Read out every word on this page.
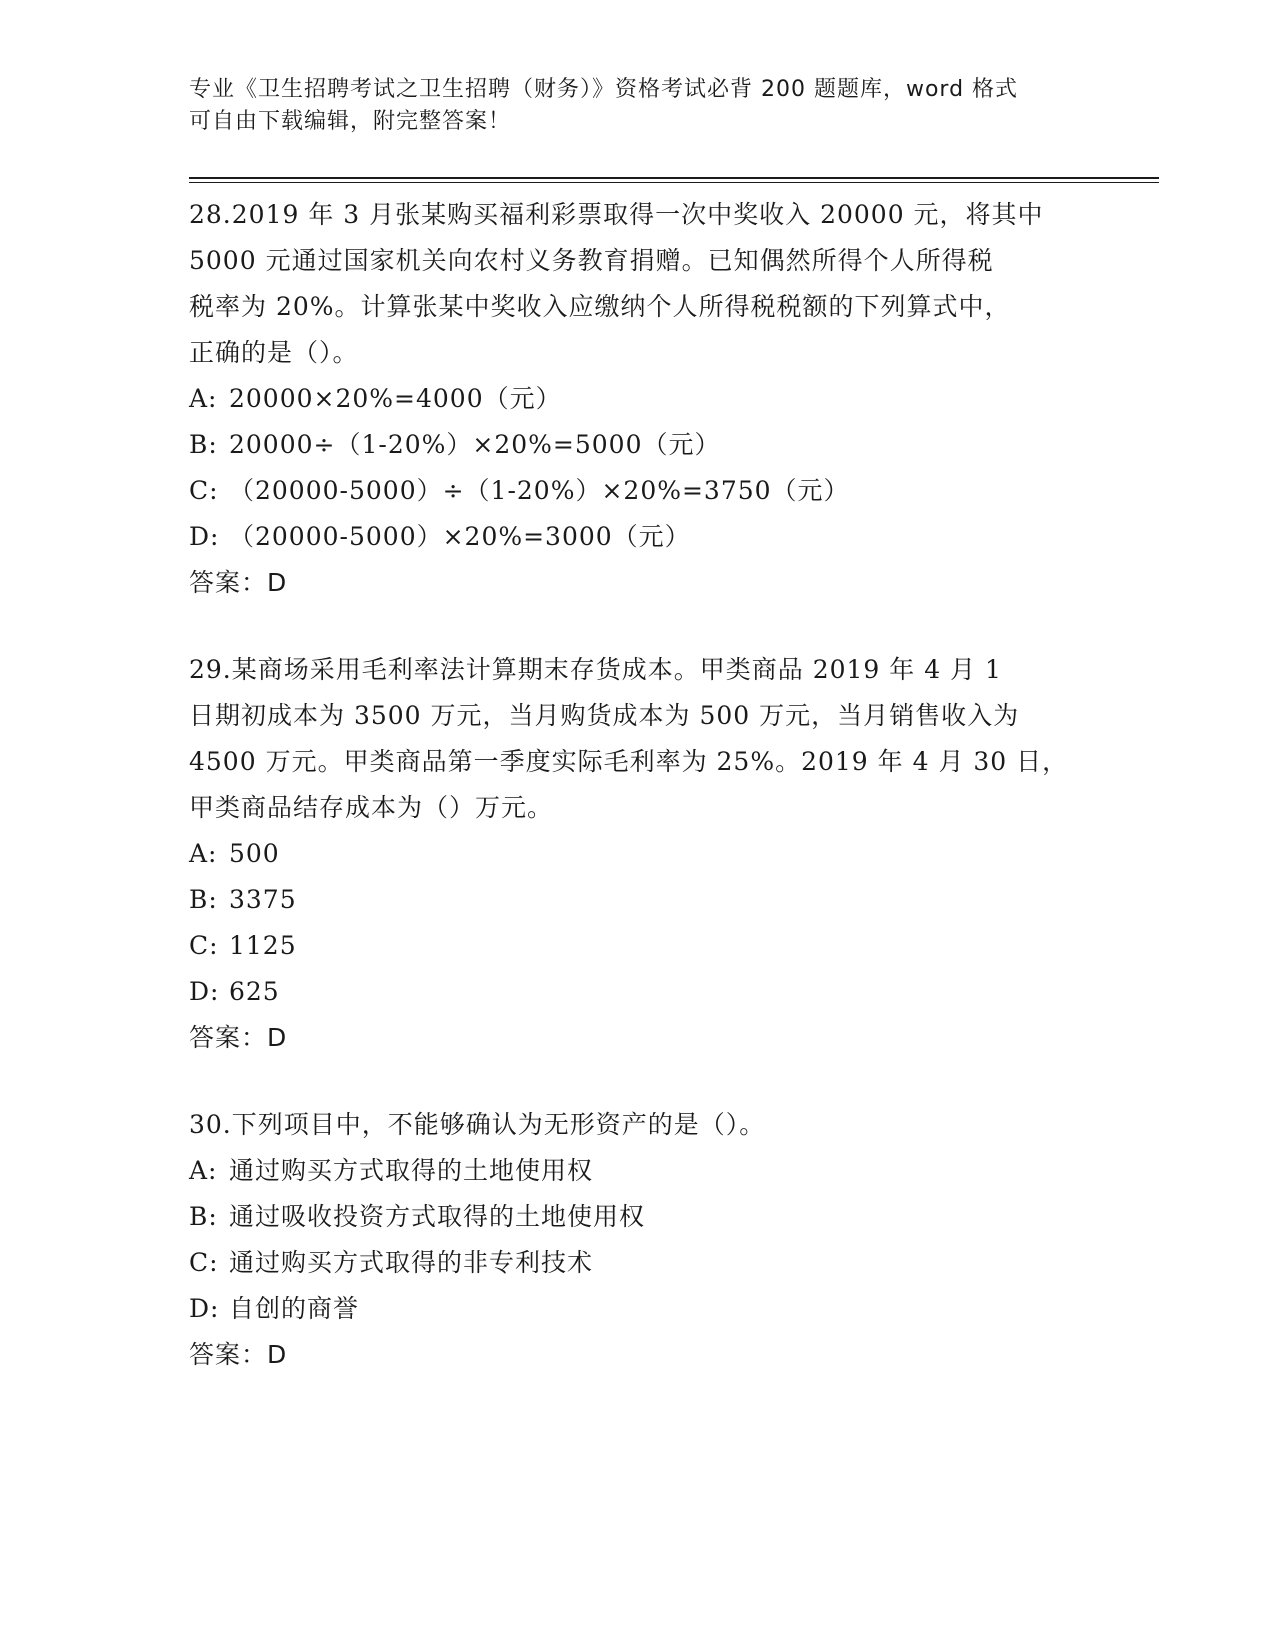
专业《卫生招聘考试之卫生招聘（财务）》资格考试必背 200 题题库，word 格式
可自由下载编辑，附完整答案！
28.2019 年 3 月张某购买福利彩票取得一次中奖收入 20000 元，将其中
5000 元通过国家机关向农村义务教育捐赠。已知偶然所得个人所得税
税率为 20%。计算张某中奖收入应缴纳个人所得税税额的下列算式中，
正确的是（）。
A: 20000×20%=4000（元）
B: 20000÷（1-20%）×20%=5000（元）
C: （20000-5000）÷（1-20%）×20%=3750（元）
D: （20000-5000）×20%=3000（元）
答案：D
29.某商场采用毛利率法计算期末存货成本。甲类商品 2019 年 4 月 1
日期初成本为 3500 万元，当月购货成本为 500 万元，当月销售收入为
4500 万元。甲类商品第一季度实际毛利率为 25%。2019 年 4 月 30 日，
甲类商品结存成本为（）万元。
A: 500
B: 3375
C: 1125
D: 625
答案：D
30.下列项目中，不能够确认为无形资产的是（）。
A: 通过购买方式取得的土地使用权
B: 通过吸收投资方式取得的土地使用权
C: 通过购买方式取得的非专利技术
D: 自创的商誉
答案：D
